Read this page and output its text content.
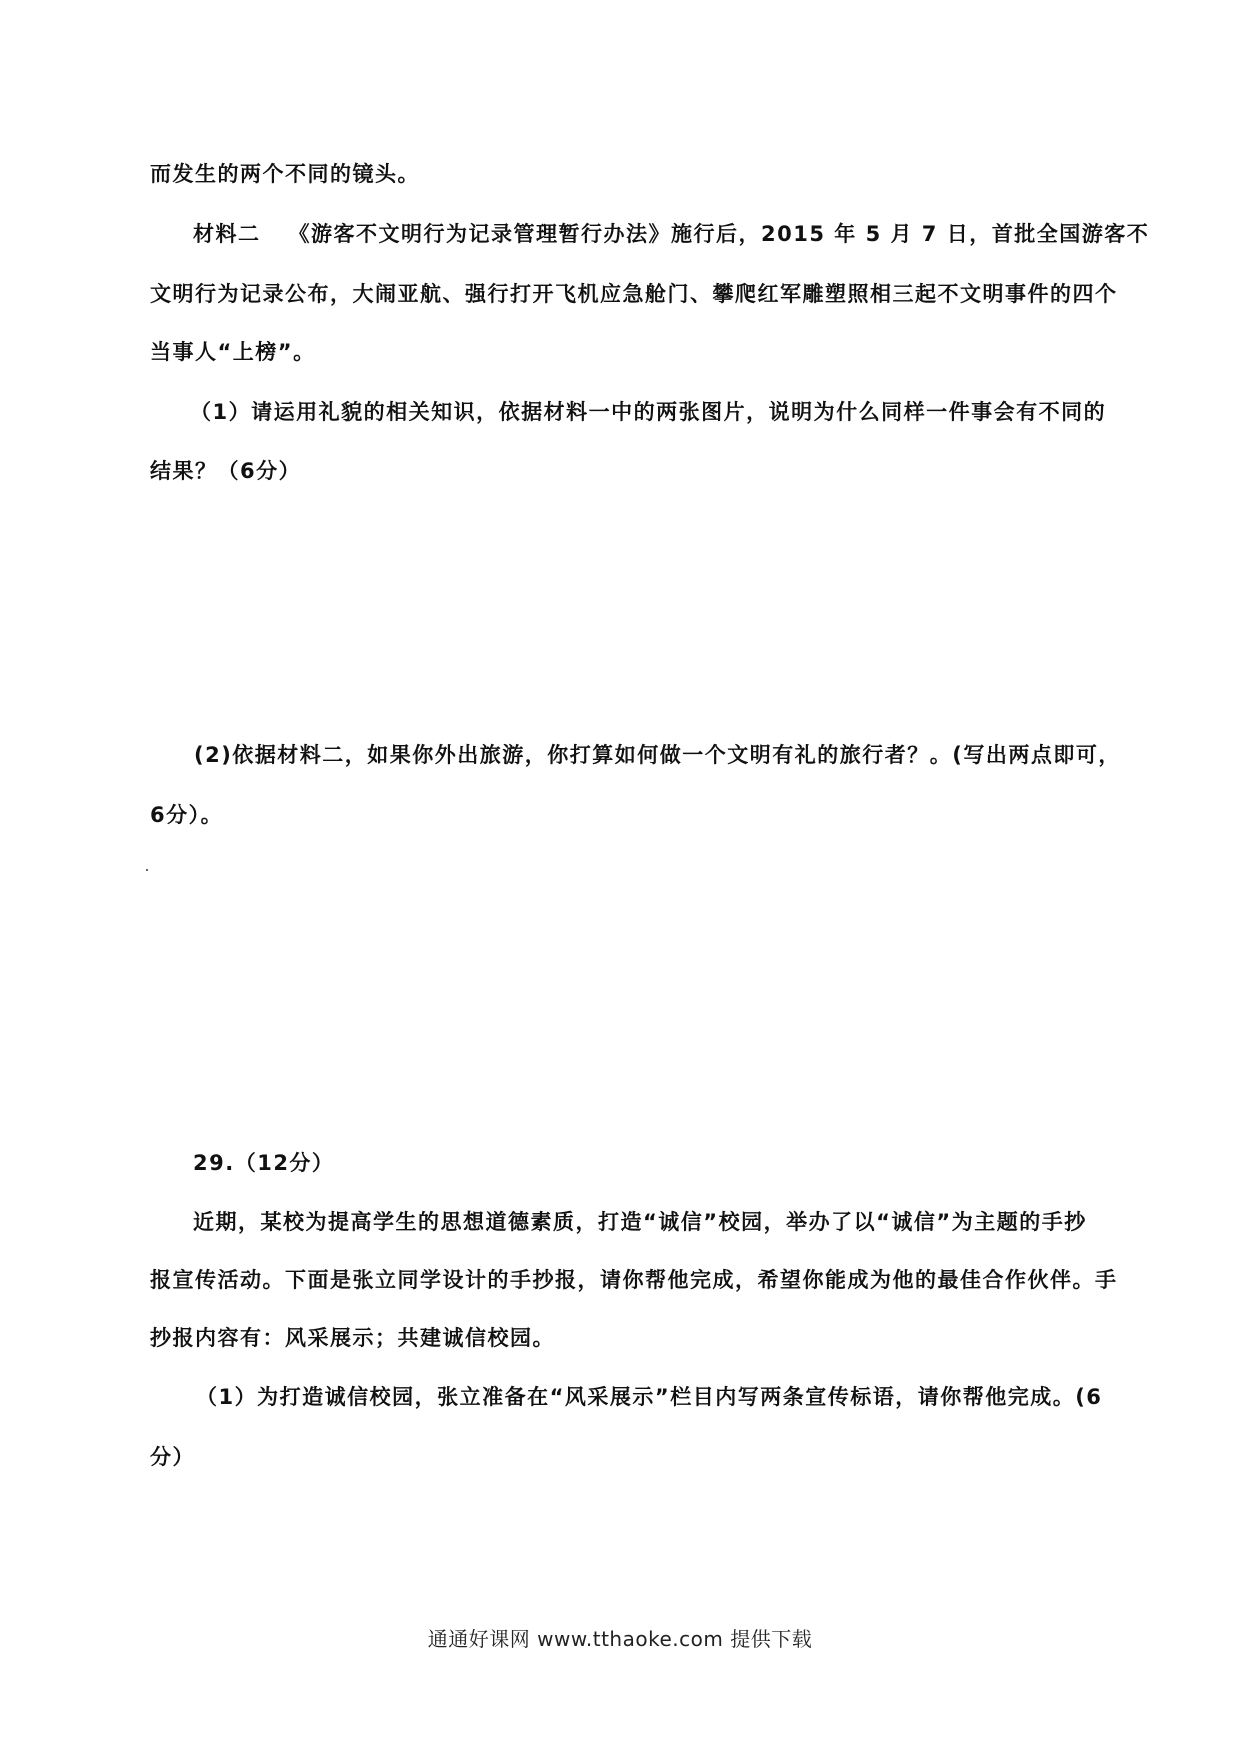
而发生的两个不同的镜头。
材料二 《游客不文明行为记录管理暂行办法》施行后，2015 年 5 月 7 日，首批全国游客不
文明行为记录公布，大闹亚航、强行打开飞机应急舱门、攀爬红军雕塑照相三起不文明事件的四个
当事人“上榜”。
（1）请运用礼貌的相关知识，依据材料一中的两张图片，说明为什么同样一件事会有不同的
结果？（6分）
(2)依据材料二，如果你外出旅游，你打算如何做一个文明有礼的旅行者？。(写出两点即可，
6分）。
29.（12分）
近期，某校为提高学生的思想道德素质，打造“诚信”校园，举办了以“诚信”为主题的手抄
报宣传活动。下面是张立同学设计的手抄报，请你帮他完成，希望你能成为他的最佳合作伙伴。手
抄报内容有：风采展示；共建诚信校园。
（1）为打造诚信校园，张立准备在“风采展示”栏目内写两条宣传标语，请你帮他完成。(6
分）
通通好课网 www.tthaoke.com 提供下载
